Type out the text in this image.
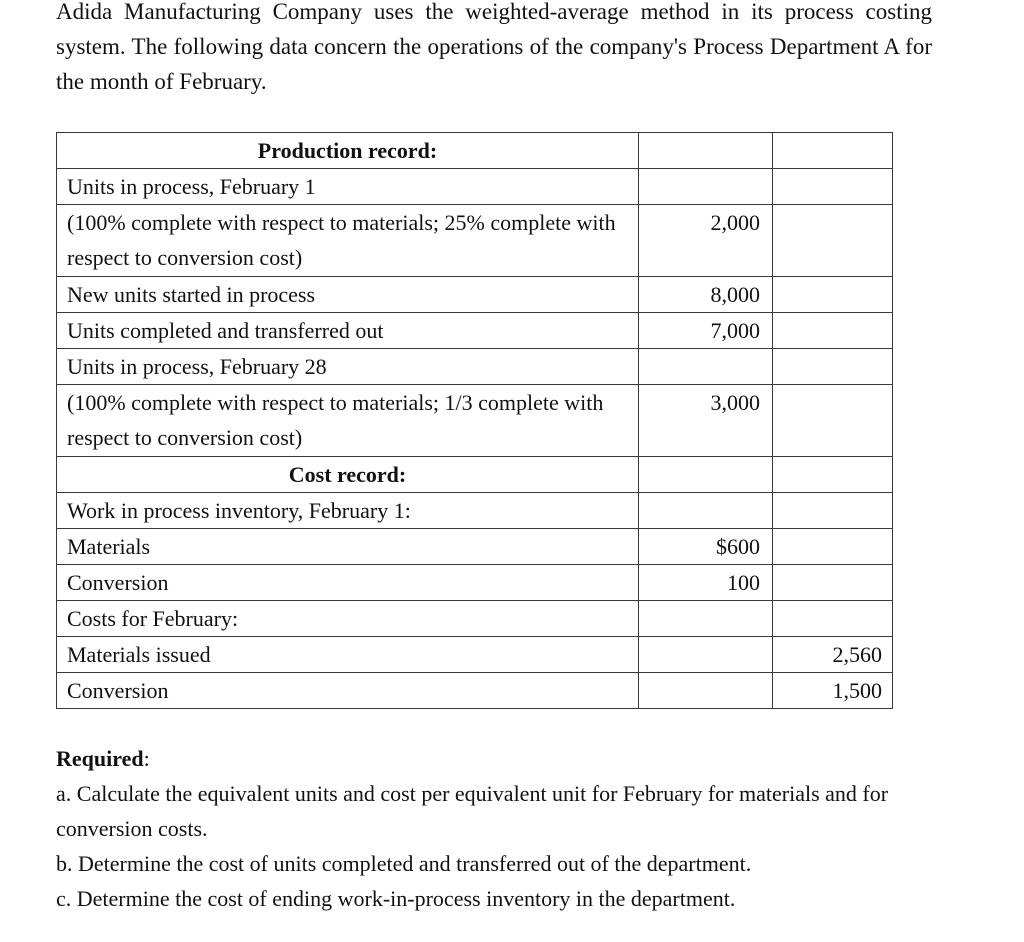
Adida Manufacturing Company uses the weighted-average method in its process costing system. The following data concern the operations of the company's Process Department A for the month of February.

Production record:		
Units in process, February 1		
(100% complete with respect to materials; 25% complete with respect to conversion cost)	2,000	
New units started in process	8,000	
Units completed and transferred out	7,000	
Units in process, February 28		
(100% complete with respect to materials; 1/3 complete with respect to conversion cost)	3,000	
Cost record:		
Work in process inventory, February 1:		
Materials	$600	
Conversion	100	
Costs for February:		
Materials issued		2,560
Conversion		1,500

Required:

a. Calculate the equivalent units and cost per equivalent unit for February for materials and for conversion costs.

b. Determine the cost of units completed and transferred out of the department.

c. Determine the cost of ending work-in-process inventory in the department.
